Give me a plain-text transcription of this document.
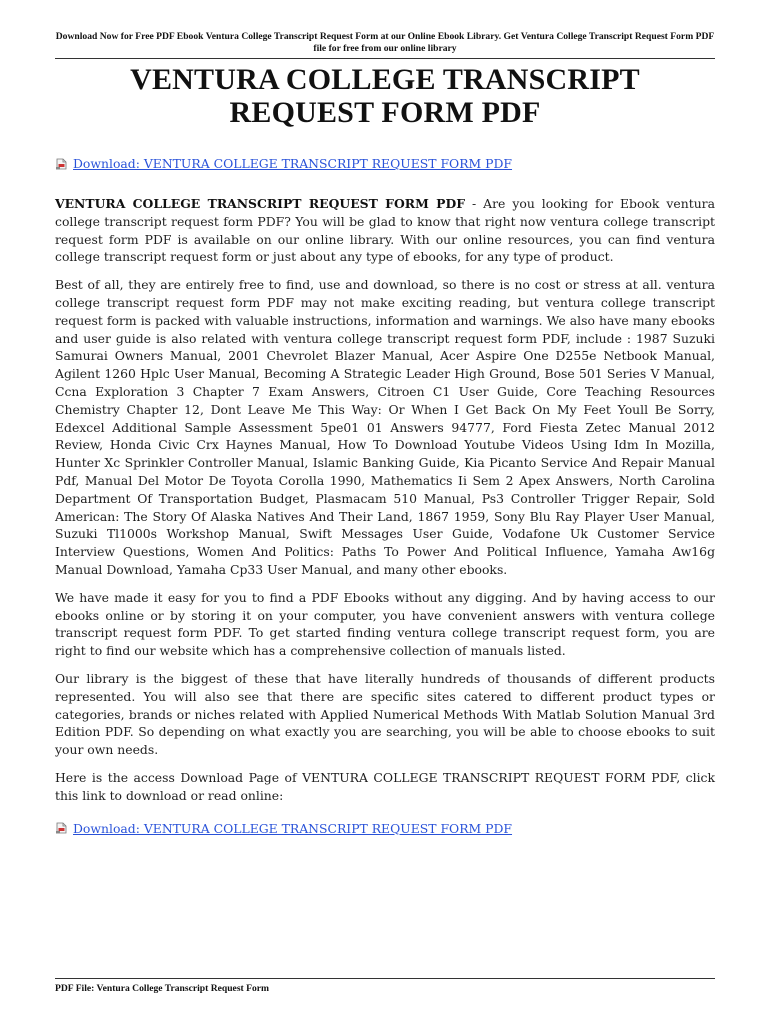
Download Now for Free PDF Ebook Ventura College Transcript Request Form at our Online Ebook Library. Get Ventura College Transcript Request Form PDF file for free from our online library
VENTURA COLLEGE TRANSCRIPT REQUEST FORM PDF
Download: VENTURA COLLEGE TRANSCRIPT REQUEST FORM PDF

VENTURA COLLEGE TRANSCRIPT REQUEST FORM PDF - Are you looking for Ebook ventura college transcript request form PDF? You will be glad to know that right now ventura college transcript request form PDF is available on our online library. With our online resources, you can find ventura college transcript request form or just about any type of ebooks, for any type of product.

Best of all, they are entirely free to find, use and download, so there is no cost or stress at all. ventura college transcript request form PDF may not make exciting reading, but ventura college transcript request form is packed with valuable instructions, information and warnings. We also have many ebooks and user guide is also related with ventura college transcript request form PDF, include : 1987 Suzuki Samurai Owners Manual, 2001 Chevrolet Blazer Manual, Acer Aspire One D255e Netbook Manual, Agilent 1260 Hplc User Manual, Becoming A Strategic Leader High Ground, Bose 501 Series V Manual, Ccna Exploration 3 Chapter 7 Exam Answers, Citroen C1 User Guide, Core Teaching Resources Chemistry Chapter 12, Dont Leave Me This Way: Or When I Get Back On My Feet Youll Be Sorry, Edexcel Additional Sample Assessment 5pe01 01 Answers 94777, Ford Fiesta Zetec Manual 2012 Review, Honda Civic Crx Haynes Manual, How To Download Youtube Videos Using Idm In Mozilla, Hunter Xc Sprinkler Controller Manual, Islamic Banking Guide, Kia Picanto Service And Repair Manual Pdf, Manual Del Motor De Toyota Corolla 1990, Mathematics Ii Sem 2 Apex Answers, North Carolina Department Of Transportation Budget, Plasmacam 510 Manual, Ps3 Controller Trigger Repair, Sold American: The Story Of Alaska Natives And Their Land, 1867 1959, Sony Blu Ray Player User Manual, Suzuki Tl1000s Workshop Manual, Swift Messages User Guide, Vodafone Uk Customer Service Interview Questions, Women And Politics: Paths To Power And Political Influence, Yamaha Aw16g Manual Download, Yamaha Cp33 User Manual, and many other ebooks.

We have made it easy for you to find a PDF Ebooks without any digging. And by having access to our ebooks online or by storing it on your computer, you have convenient answers with ventura college transcript request form PDF. To get started finding ventura college transcript request form, you are right to find our website which has a comprehensive collection of manuals listed.

Our library is the biggest of these that have literally hundreds of thousands of different products represented. You will also see that there are specific sites catered to different product types or categories, brands or niches related with Applied Numerical Methods With Matlab Solution Manual 3rd Edition PDF. So depending on what exactly you are searching, you will be able to choose ebooks to suit your own needs.

Here is the access Download Page of VENTURA COLLEGE TRANSCRIPT REQUEST FORM PDF, click this link to download or read online:

Download: VENTURA COLLEGE TRANSCRIPT REQUEST FORM PDF
PDF File: Ventura College Transcript Request Form
